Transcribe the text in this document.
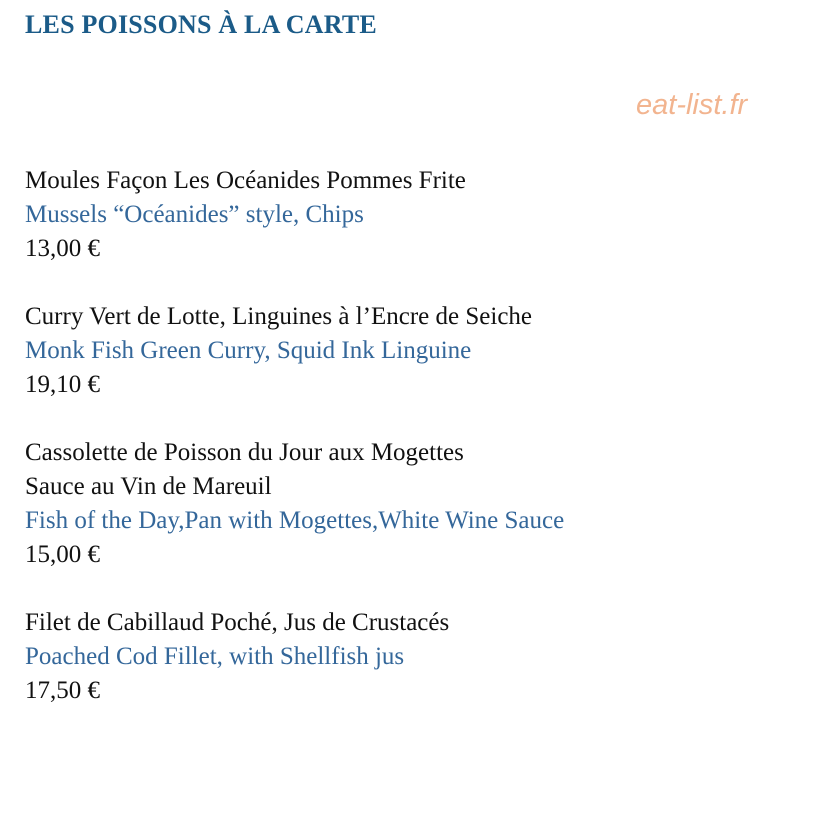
LES POISSONS À LA CARTE
eat-list.fr
Moules Façon Les Océanides Pommes Frite
Mussels “Océanides” style, Chips
13,00 €
Curry Vert de Lotte, Linguines à l’Encre de Seiche
Monk Fish Green Curry, Squid Ink Linguine
19,10 €
Cassolette de Poisson du Jour aux Mogettes
Sauce au Vin de Mareuil
Fish of the Day,Pan with Mogettes,White Wine Sauce
15,00 €
Filet de Cabillaud Poché, Jus de Crustacés
Poached Cod Fillet, with Shellfish jus
17,50 €
